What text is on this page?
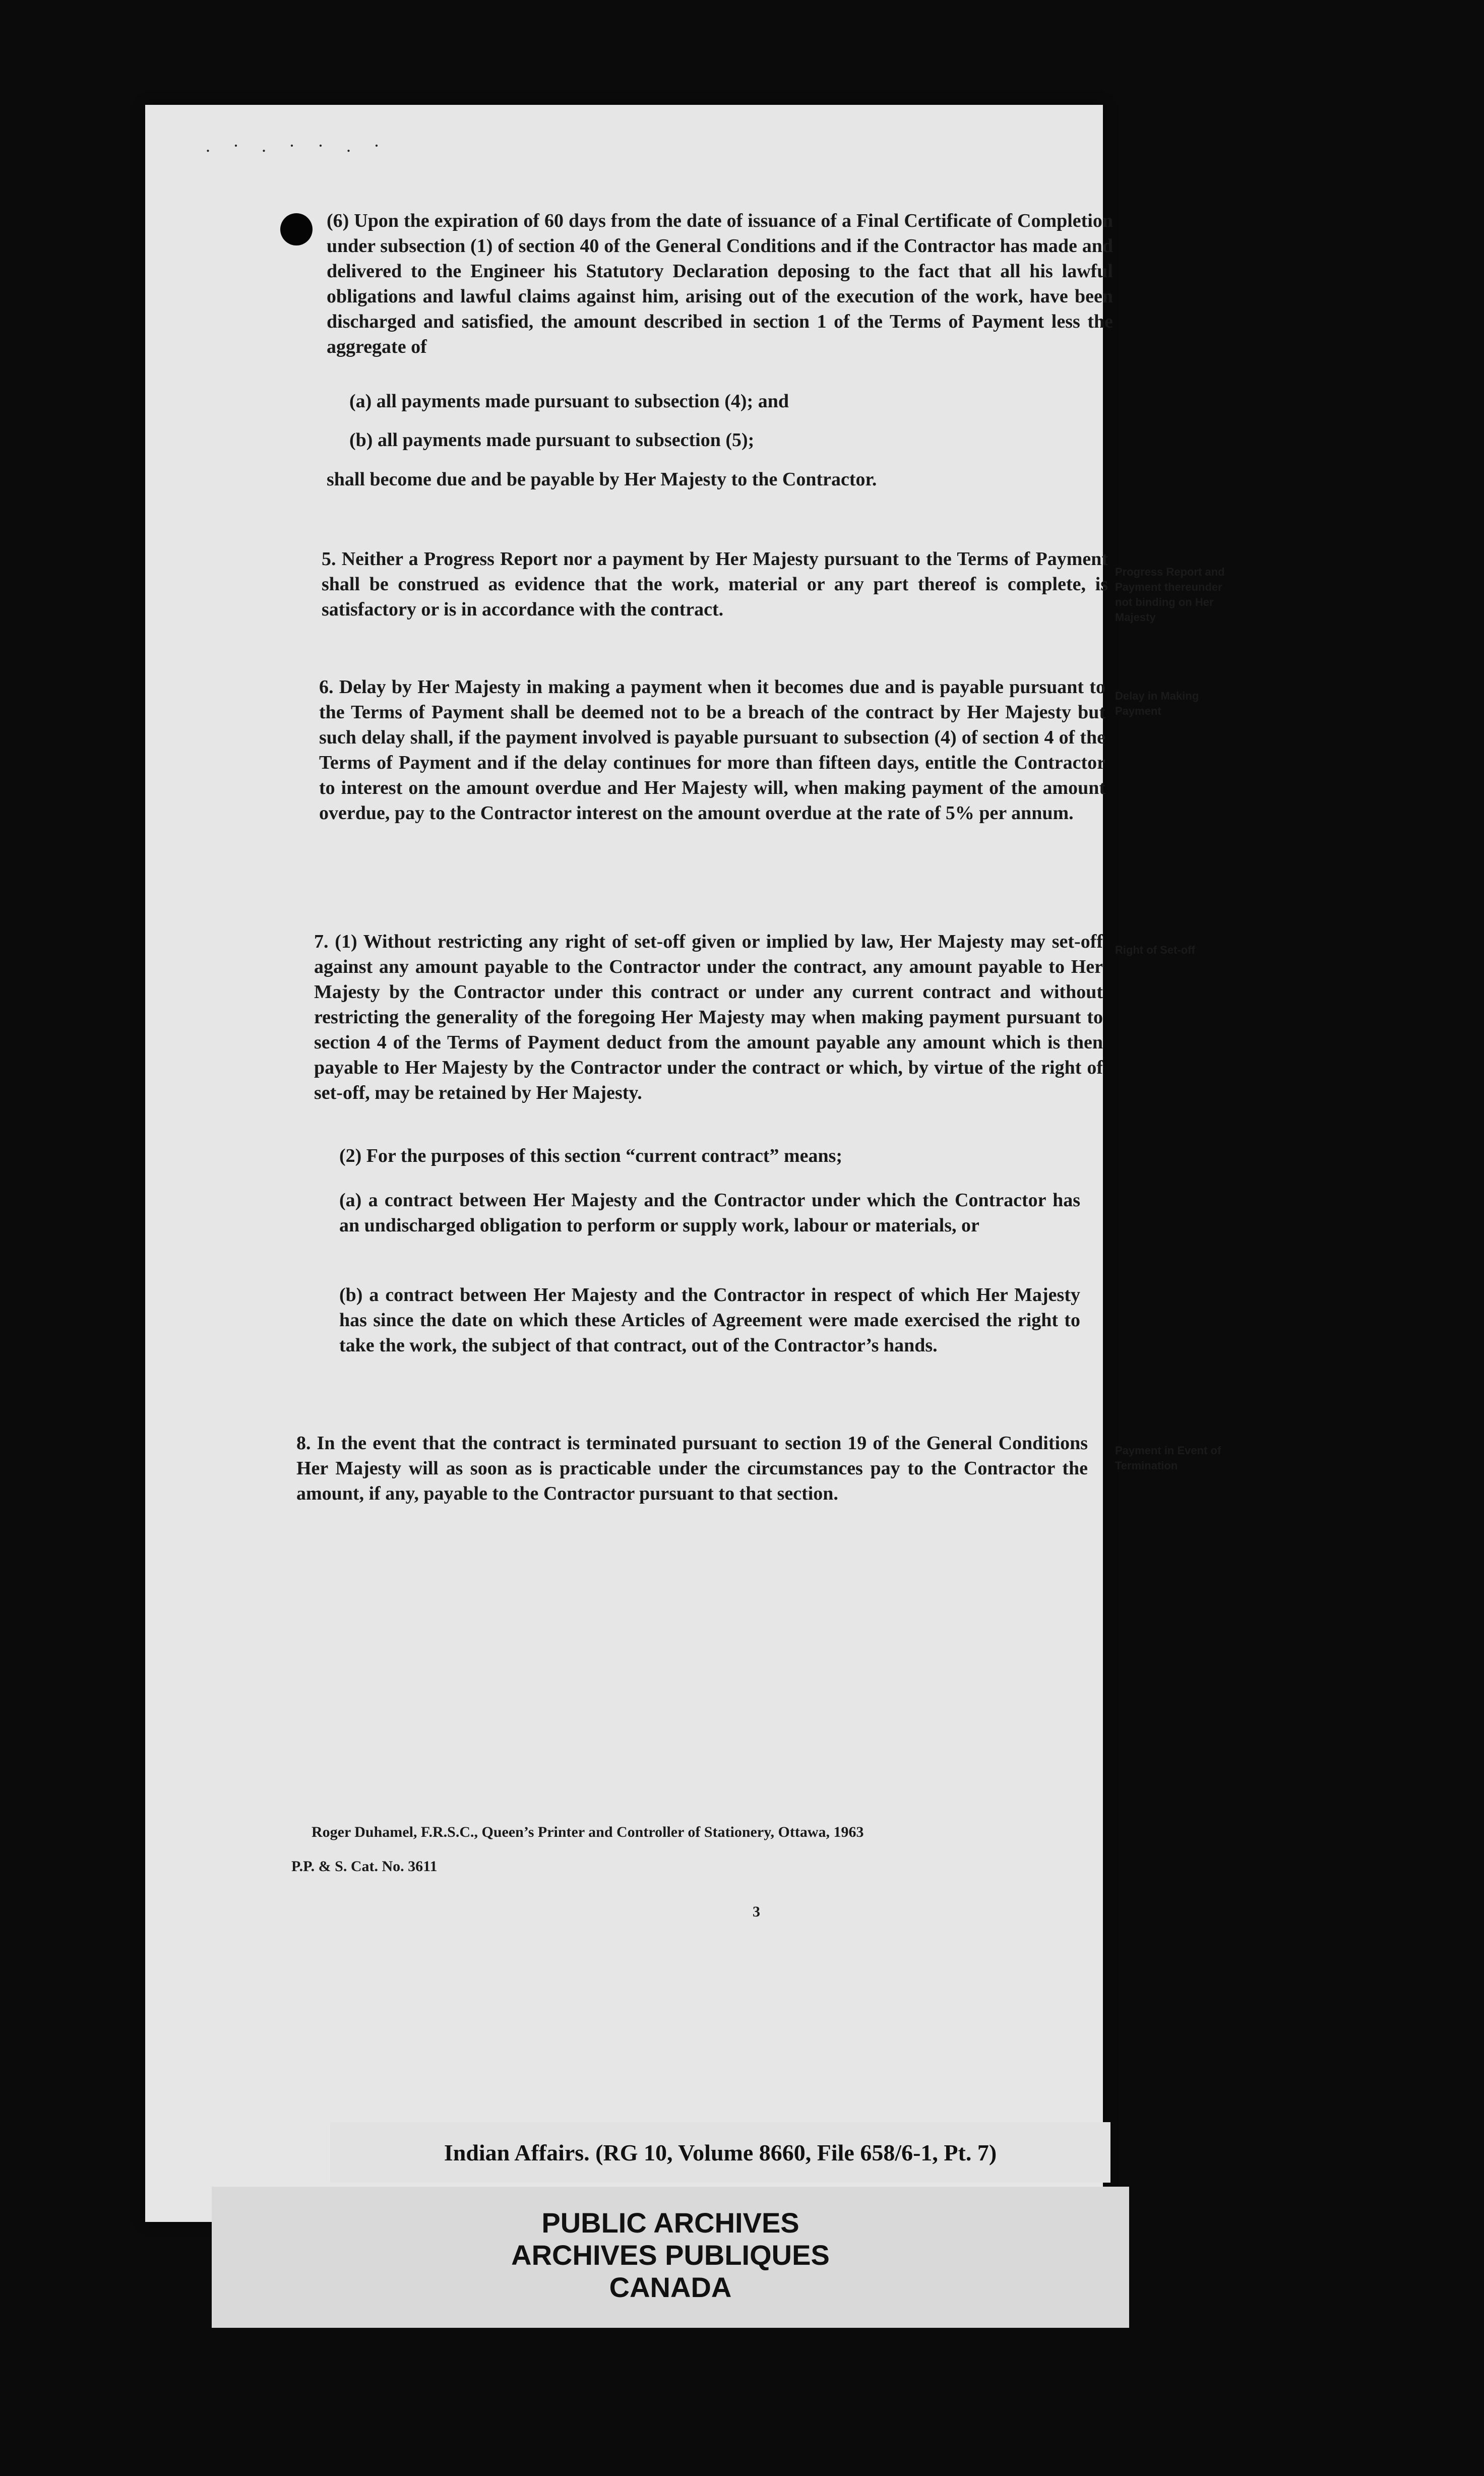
. · . · · . ·
(6) Upon the expiration of 60 days from the date of issuance of a Final Certificate of Completion under subsection (1) of section 40 of the General Conditions and if the Contractor has made and delivered to the Engineer his Statutory Declaration deposing to the fact that all his lawful obligations and lawful claims against him, arising out of the execution of the work, have been discharged and satisfied, the amount described in section 1 of the Terms of Payment less the aggregate of
(a) all payments made pursuant to subsection (4); and
(b) all payments made pursuant to subsection (5);
shall become due and be payable by Her Majesty to the Contractor.
5. Neither a Progress Report nor a payment by Her Majesty pursuant to the Terms of Payment shall be construed as evidence that the work, material or any part thereof is complete, is satisfactory or is in accordance with the contract.
Progress Report and Payment thereunder not binding on Her Majesty
6. Delay by Her Majesty in making a payment when it becomes due and is payable pursuant to the Terms of Payment shall be deemed not to be a breach of the contract by Her Majesty but such delay shall, if the payment involved is payable pursuant to subsection (4) of section 4 of the Terms of Payment and if the delay continues for more than fifteen days, entitle the Contractor to interest on the amount overdue and Her Majesty will, when making payment of the amount overdue, pay to the Contractor interest on the amount overdue at the rate of 5% per annum.
Delay in Making Payment
7. (1) Without restricting any right of set-off given or implied by law, Her Majesty may set-off against any amount payable to the Contractor under the contract, any amount payable to Her Majesty by the Contractor under this contract or under any current contract and without restricting the generality of the foregoing Her Majesty may when making payment pursuant to section 4 of the Terms of Payment deduct from the amount payable any amount which is then payable to Her Majesty by the Contractor under the contract or which, by virtue of the right of set-off, may be retained by Her Majesty.
Right of Set-off
(2) For the purposes of this section “current contract” means;
(a) a contract between Her Majesty and the Contractor under which the Contractor has an undischarged obligation to perform or supply work, labour or materials, or
(b) a contract between Her Majesty and the Contractor in respect of which Her Majesty has since the date on which these Articles of Agreement were made exercised the right to take the work, the subject of that contract, out of the Contractor’s hands.
8. In the event that the contract is terminated pursuant to section 19 of the General Conditions Her Majesty will as soon as is practicable under the circumstances pay to the Contractor the amount, if any, payable to the Contractor pursuant to that section.
Payment in Event of Termination
Roger Duhamel, F.R.S.C., Queen’s Printer and Controller of Stationery, Ottawa, 1963
P.P. & S. Cat. No. 3611
3
Indian Affairs. (RG 10, Volume 8660, File 658/6-1, Pt. 7)
PUBLIC ARCHIVES
ARCHIVES PUBLIQUES
CANADA
